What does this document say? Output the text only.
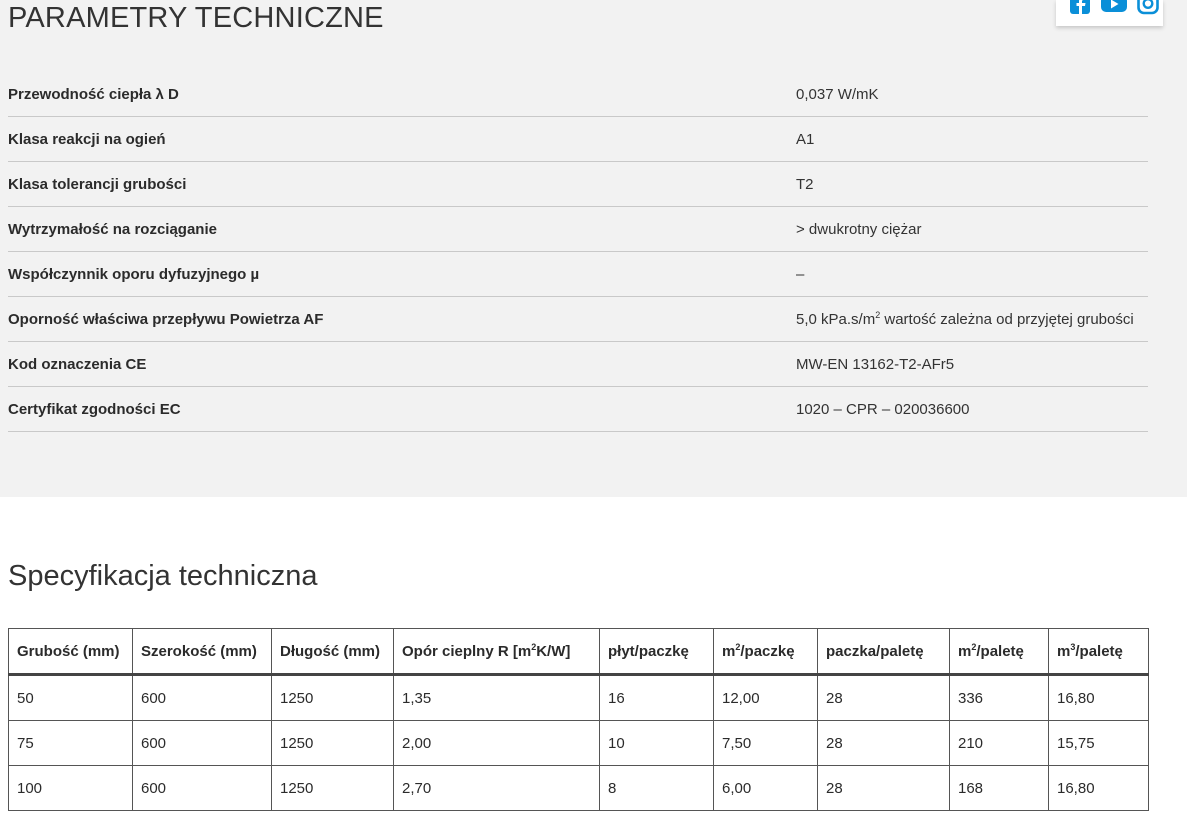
PARAMETRY TECHNICZNE
Przewodność ciepła λ D	0,037 W/mK
Klasa reakcji na ogień	A1
Klasa tolerancji grubości	T2
Wytrzymałość na rozciąganie	> dwukrotny ciężar
Współczynnik oporu dyfuzyjnego µ	–
Oporność właściwa przepływu Powietrza AF	5,0 $kPa.s/m^2$ wartość zależna od przyjętej grubości
Kod oznaczenia CE	MW-EN 13162-T2-AFr5
Certyfikat zgodności EC	1020 – CPR – 020036600
Specyfikacja techniczna
Grubość (mm)	Szerokość (mm)	Długość (mm)	Opór cieplny R $[m^2K/W]$	płyt/paczkę	$m^2$/paczkę	paczka/paletę	$m^2$/paletę	$m^3$/paletę
50	600	1250	1,35	16	12,00	28	336	16,80
75	600	1250	2,00	10	7,50	28	210	15,75
100	600	1250	2,70	8	6,00	28	168	16,80
